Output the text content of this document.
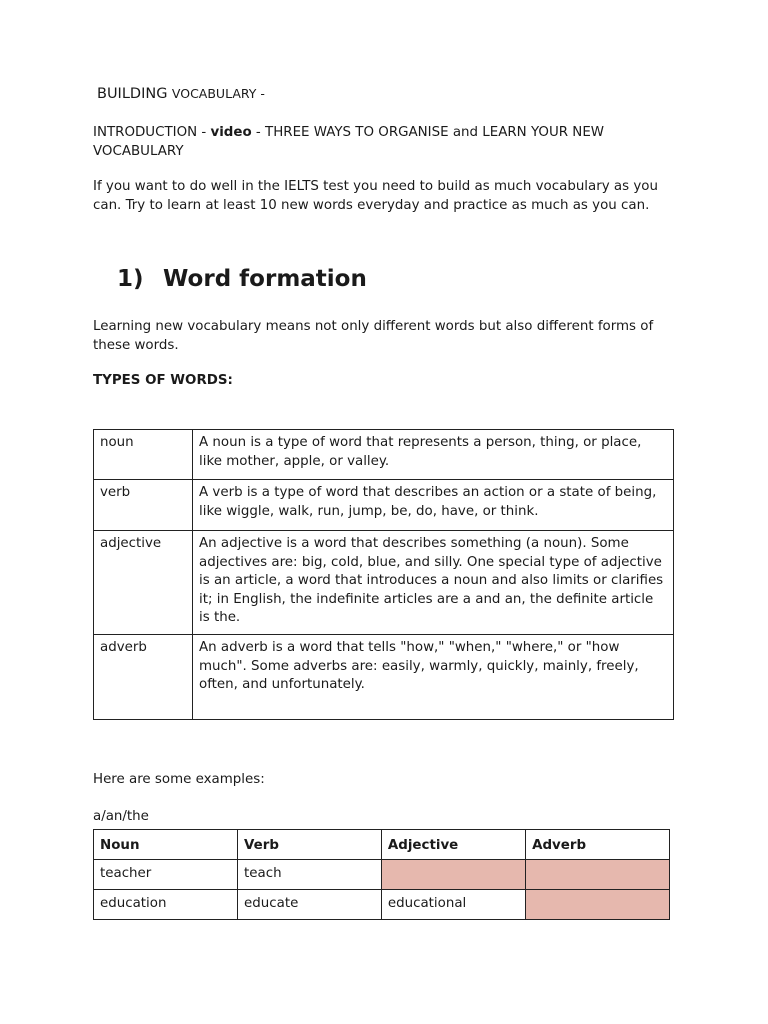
BUILDING VOCABULARY -
INTRODUCTION - video - THREE WAYS TO ORGANISE and LEARN YOUR NEW VOCABULARY
If you want to do well in the IELTS test you need to build as much vocabulary as you can. Try to learn at least 10 new words everyday and practice as much as you can.
1) Word formation
Learning new vocabulary means not only different words but also different forms of these words.
TYPES OF WORDS:
noun	A noun is a type of word that represents a person, thing, or place, like mother, apple, or valley.
verb	A verb is a type of word that describes an action or a state of being, like wiggle, walk, run, jump, be, do, have, or think.
adjective	An adjective is a word that describes something (a noun). Some adjectives are: big, cold, blue, and silly. One special type of adjective is an article, a word that introduces a noun and also limits or clarifies it; in English, the indefinite articles are a and an, the definite article is the.
adverb	An adverb is a word that tells "how," "when," "where," or "how much". Some adverbs are: easily, warmly, quickly, mainly, freely, often, and unfortunately.
Here are some examples:
a/an/the
Noun	Verb	Adjective	Adverb
teacher	teach		
education	educate	educational	
